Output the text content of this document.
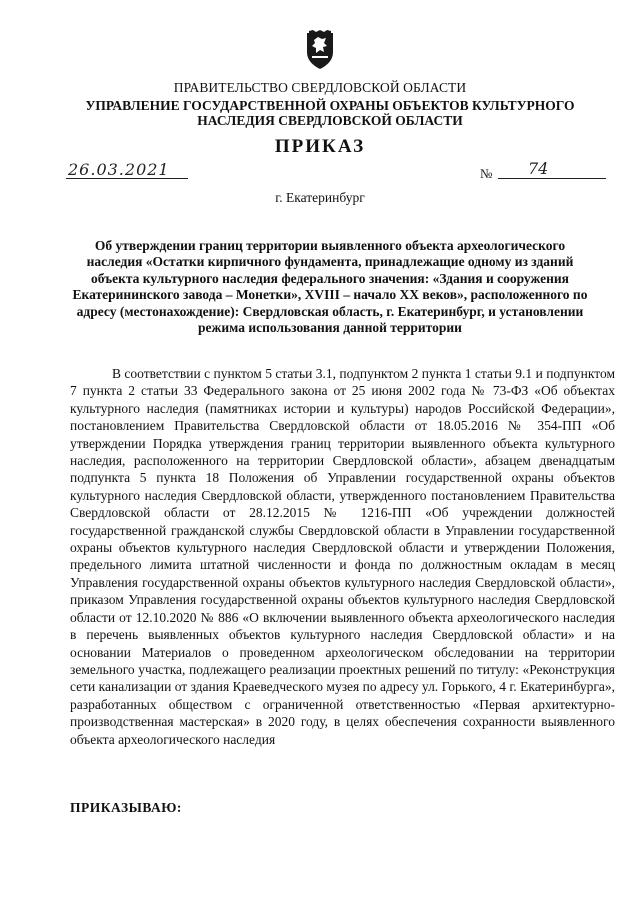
ПРАВИТЕЛЬСТВО СВЕРДЛОВСКОЙ ОБЛАСТИ
УПРАВЛЕНИЕ ГОСУДАРСТВЕННОЙ ОХРАНЫ ОБЪЕКТОВ КУЛЬТУРНОГО НАСЛЕДИЯ СВЕРДЛОВСКОЙ ОБЛАСТИ
ПРИКАЗ
26.03.2021	№ 74
г. Екатеринбург
Об утверждении границ территории выявленного объекта археологического наследия «Остатки кирпичного фундамента, принадлежащие одному из зданий объекта культурного наследия федерального значения: «Здания и сооружения Екатерининского завода – Монетки», XVIII – начало XX веков», расположенного по адресу (местонахождение): Свердловская область, г. Екатеринбург, и установлении режима использования данной территории
В соответствии с пунктом 5 статьи 3.1, подпунктом 2 пункта 1 статьи 9.1 и подпунктом 7 пункта 2 статьи 33 Федерального закона от 25 июня 2002 года № 73-ФЗ «Об объектах культурного наследия (памятниках истории и культуры) народов Российской Федерации», постановлением Правительства Свердловской области от 18.05.2016 № 354-ПП «Об утверждении Порядка утверждения границ территории выявленного объекта культурного наследия, расположенного на территории Свердловской области», абзацем двенадцатым подпункта 5 пункта 18 Положения об Управлении государственной охраны объектов культурного наследия Свердловской области, утвержденного постановлением Правительства Свердловской области от 28.12.2015 № 1216-ПП «Об учреждении должностей государственной гражданской службы Свердловской области в Управлении государственной охраны объектов культурного наследия Свердловской области и утверждении Положения, предельного лимита штатной численности и фонда по должностным окладам в месяц Управления государственной охраны объектов культурного наследия Свердловской области», приказом Управления государственной охраны объектов культурного наследия Свердловской области от 12.10.2020 № 886 «О включении выявленного объекта археологического наследия в перечень выявленных объектов культурного наследия Свердловской области» и на основании Материалов о проведенном археологическом обследовании на территории земельного участка, подлежащего реализации проектных решений по титулу: «Реконструкция сети канализации от здания Краеведческого музея по адресу ул. Горького, 4 г. Екатеринбурга», разработанных обществом с ограниченной ответственностью «Первая архитектурно-производственная мастерская» в 2020 году, в целях обеспечения сохранности выявленного объекта археологического наследия
ПРИКАЗЫВАЮ:
